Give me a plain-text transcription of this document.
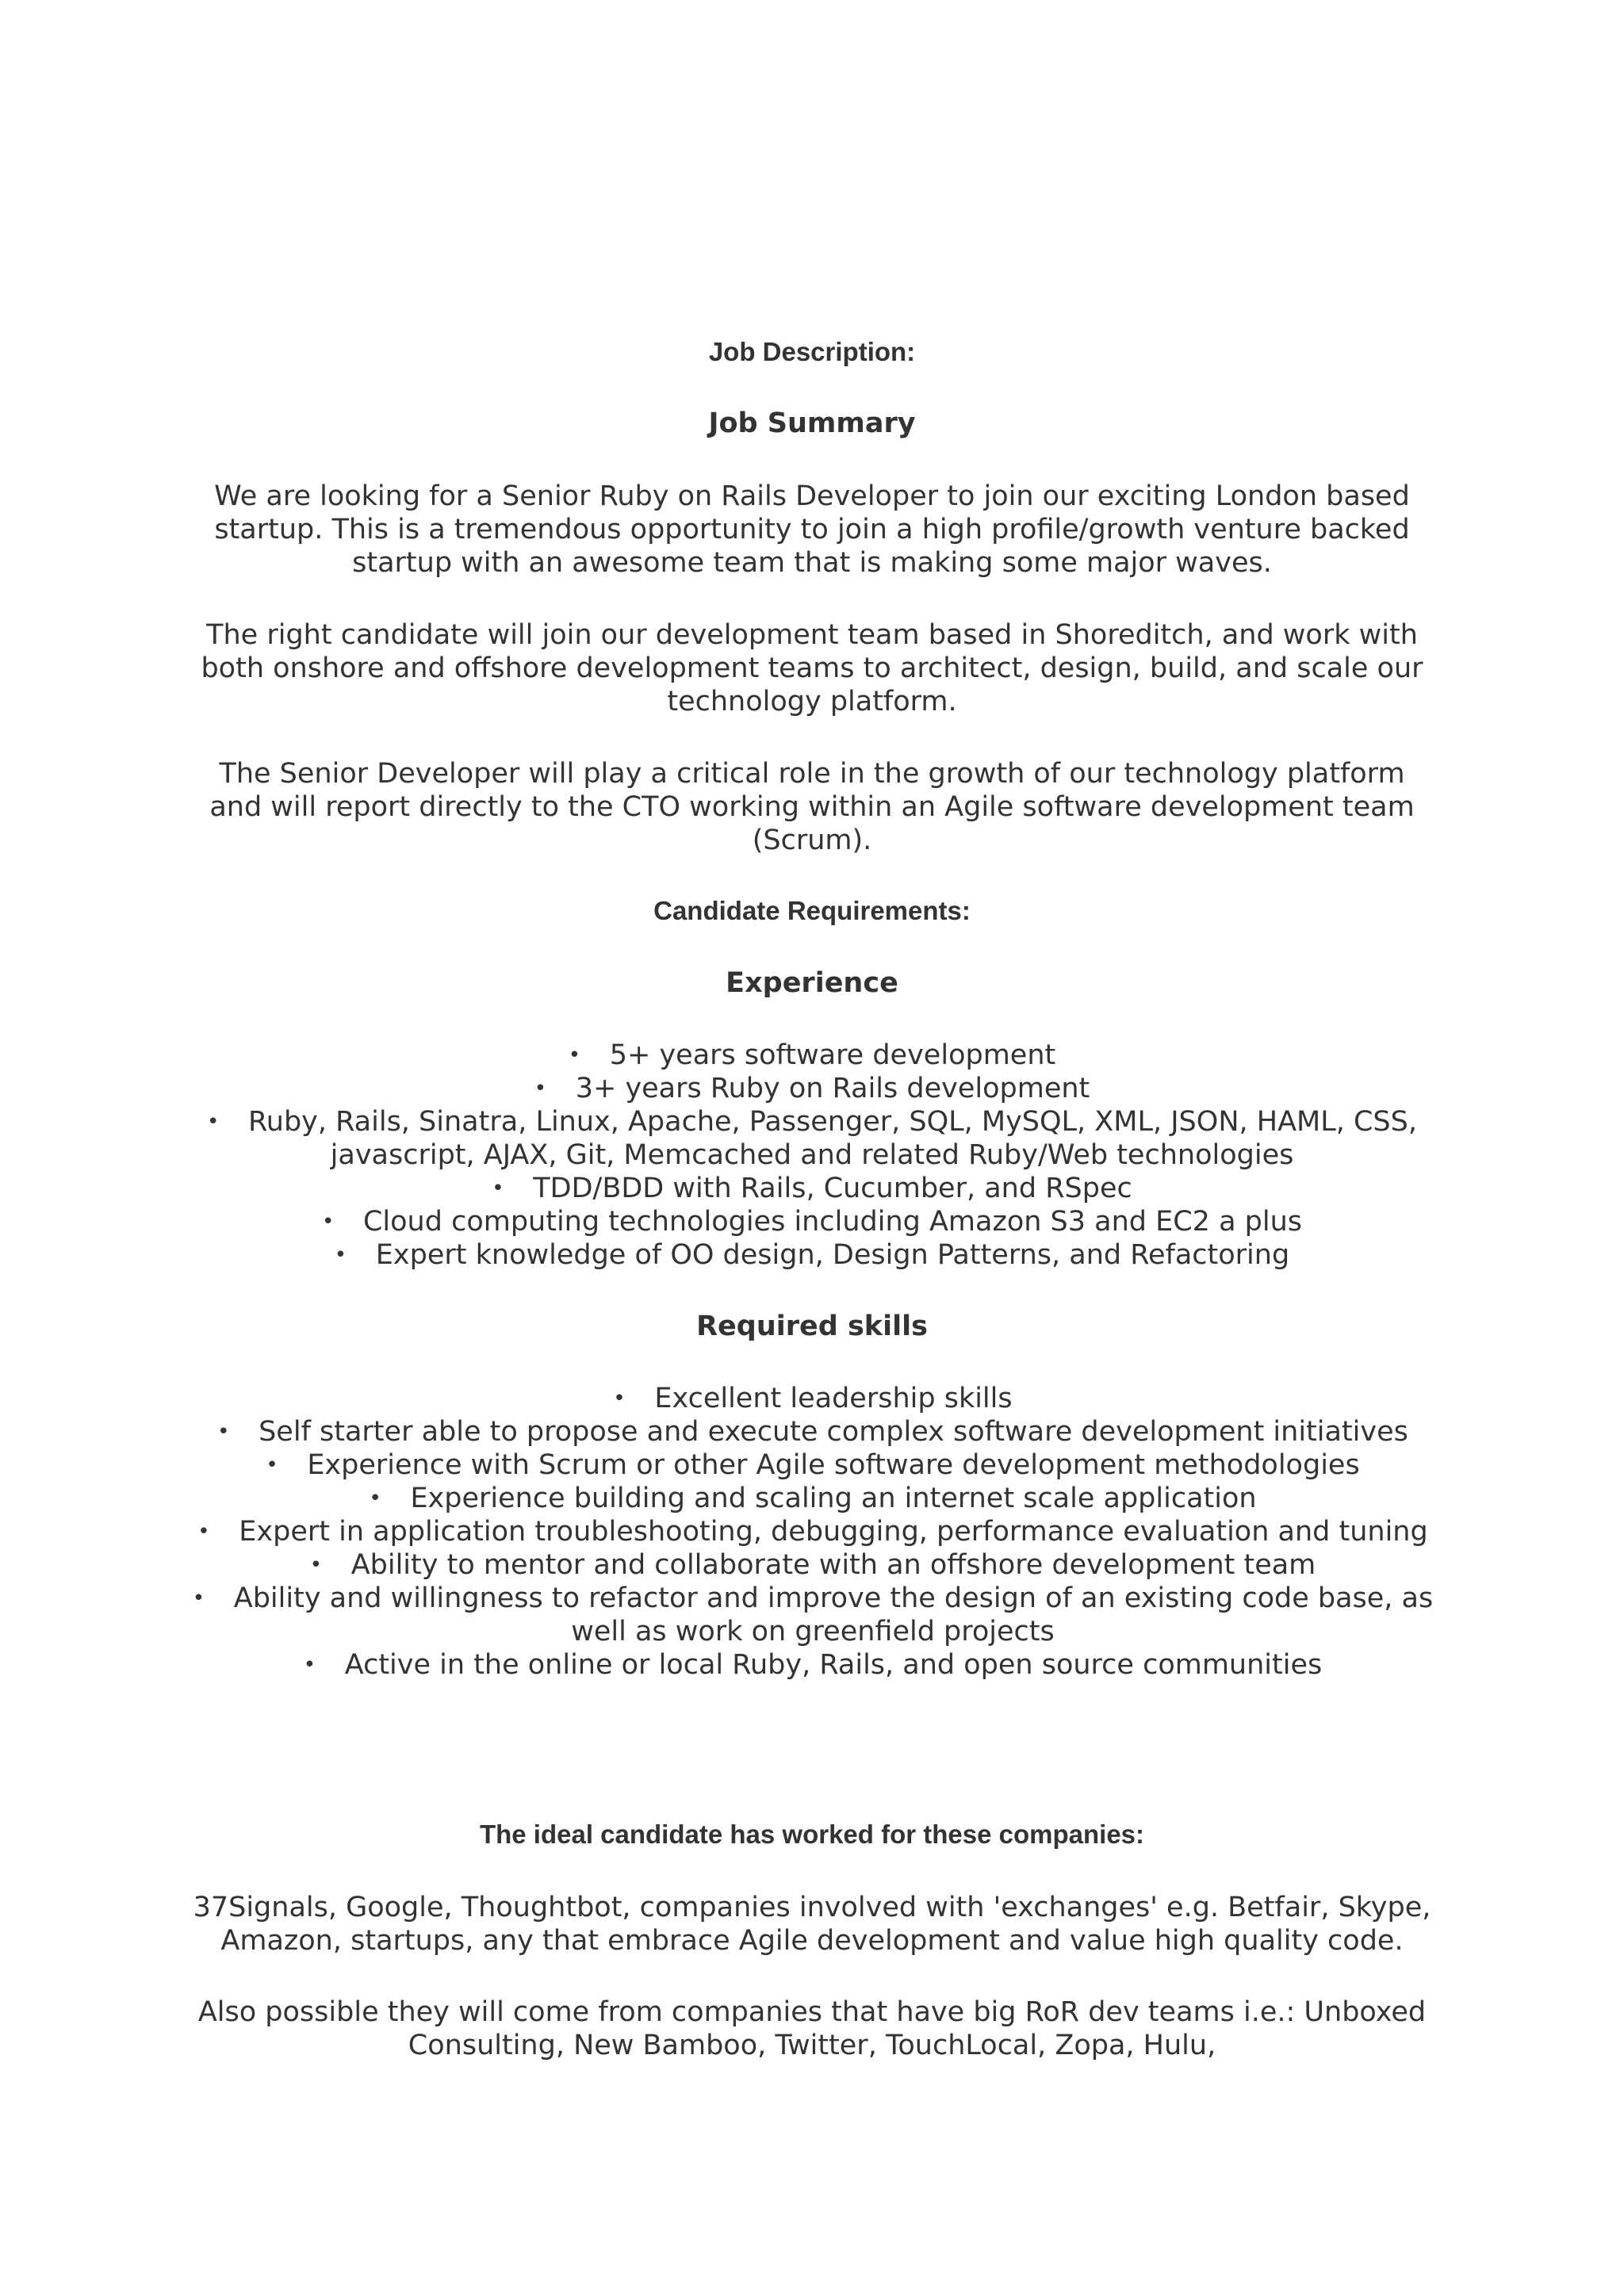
Job Description:
Job Summary

We are looking for a Senior Ruby on Rails Developer to join our exciting London based startup. This is a tremendous opportunity to join a high profile/growth venture backed startup with an awesome team that is making some major waves.

The right candidate will join our development team based in Shoreditch, and work with both onshore and offshore development teams to architect, design, build, and scale our technology platform.

The Senior Developer will play a critical role in the growth of our technology platform and will report directly to the CTO working within an Agile software development team (Scrum).

Candidate Requirements:
Experience
• 5+ years software development
• 3+ years Ruby on Rails development
• Ruby, Rails, Sinatra, Linux, Apache, Passenger, SQL, MySQL, XML, JSON, HAML, CSS, javascript, AJAX, Git, Memcached and related Ruby/Web technologies
• TDD/BDD with Rails, Cucumber, and RSpec
• Cloud computing technologies including Amazon S3 and EC2 a plus
• Expert knowledge of OO design, Design Patterns, and Refactoring
Required skills
• Excellent leadership skills
• Self starter able to propose and execute complex software development initiatives
• Experience with Scrum or other Agile software development methodologies
• Experience building and scaling an internet scale application
• Expert in application troubleshooting, debugging, performance evaluation and tuning
• Ability to mentor and collaborate with an offshore development team
• Ability and willingness to refactor and improve the design of an existing code base, as well as work on greenfield projects
• Active in the online or local Ruby, Rails, and open source communities
The ideal candidate has worked for these companies:

37Signals, Google, Thoughtbot, companies involved with 'exchanges' e.g. Betfair, Skype, Amazon, startups, any that embrace Agile development and value high quality code.

Also possible they will come from companies that have big RoR dev teams i.e.: Unboxed Consulting, New Bamboo, Twitter, TouchLocal, Zopa, Hulu,
